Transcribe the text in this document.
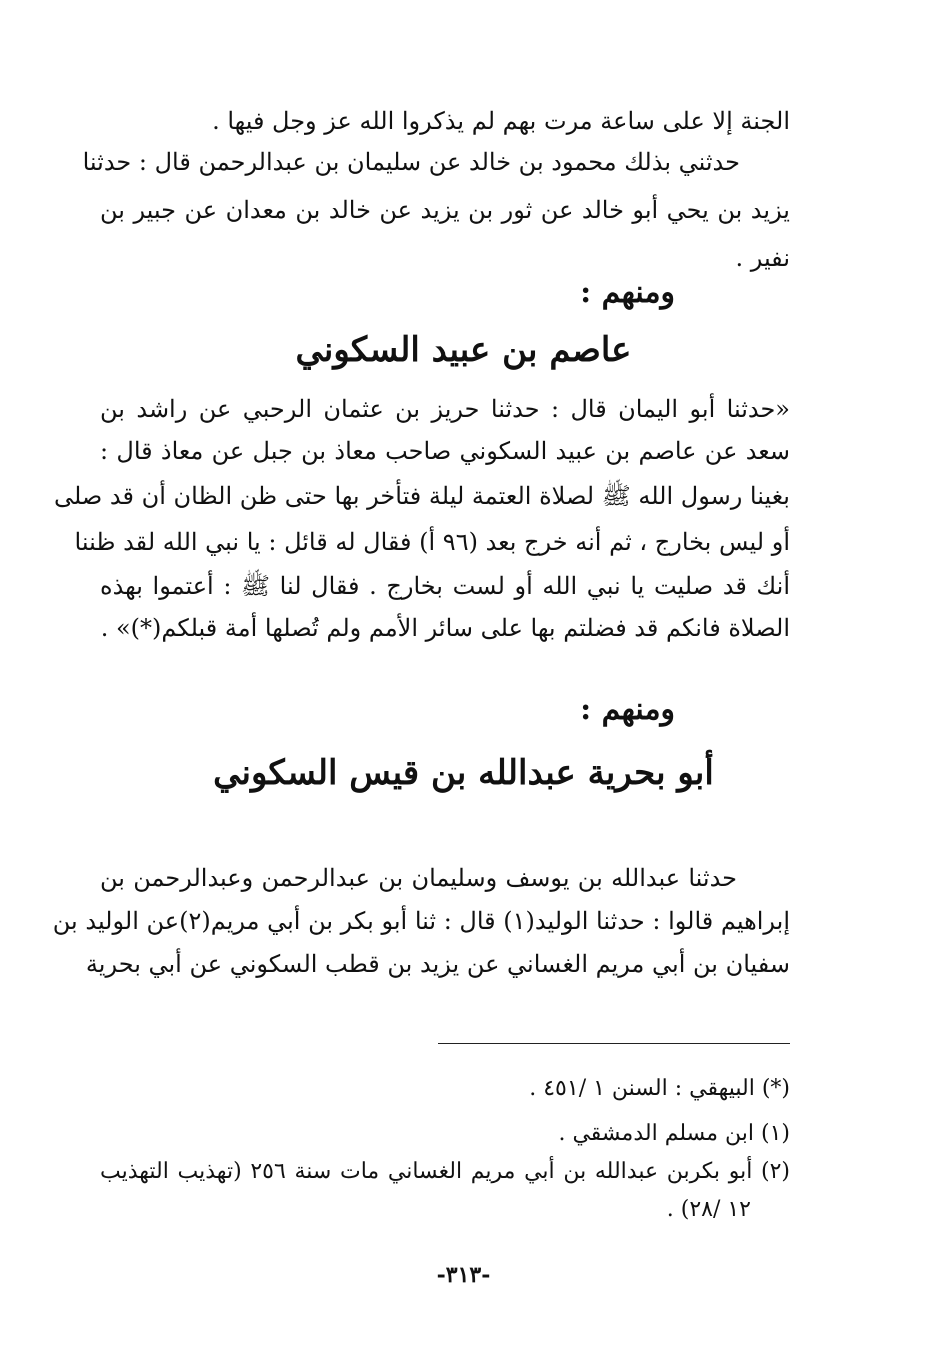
الجنة إلا على ساعة مرت بهم لم يذكروا الله عز وجل فيها .
حدثني بذلك محمود بن خالد عن سليمان بن عبدالرحمن قال : حدثنا
يزيد بن يحي أبو خالد عن ثور بن يزيد عن خالد بن معدان عن جبير بن
نفير .
ومنهم :
عاصم بن عبيد السكوني
«حدثنا أبو اليمان قال : حدثنا حريز بن عثمان الرحبي عن راشد بن
سعد عن عاصم بن عبيد السكوني صاحب معاذ بن جبل عن معاذ قال :
بغينا رسول الله ﷺ لصلاة العتمة ليلة فتأخر بها حتى ظن الظان أن قد صلى
أو ليس بخارج ، ثم أنه خرج بعد (٩٦ أ) فقال له قائل : يا نبي الله لقد ظننا
أنك قد صليت يا نبي الله أو لست بخارج . فقال لنا ﷺ : أعتموا بهذه
الصلاة فانكم قد فضلتم بها على سائر الأمم ولم تُصلها أمة قبلكم(*)» .
ومنهم :
أبو بحرية عبدالله بن قيس السكوني
حدثنا عبدالله بن يوسف وسليمان بن عبدالرحمن وعبدالرحمن بن
إبراهيم قالوا : حدثنا الوليد(١) قال : ثنا أبو بكر بن أبي مريم(٢)عن الوليد بن
سفيان بن أبي مريم الغساني عن يزيد بن قطب السكوني عن أبي بحرية
(*) البيهقي : السنن ١ /٤٥١ .
(١) ابن مسلم الدمشقي .
(٢) أبو بكربن عبدالله بن أبي مريم الغساني مات سنة ٢٥٦ (تهذيب التهذيب
١٢ /٢٨) .
-٣١٣-
